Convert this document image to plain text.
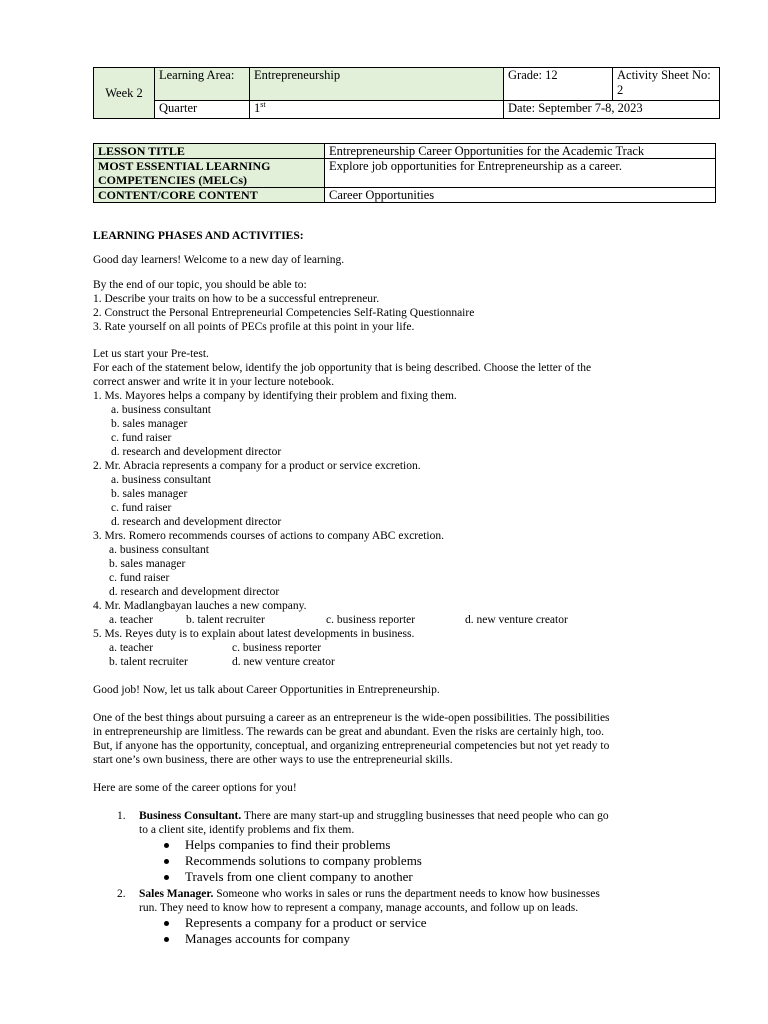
Week 2	Learning Area:	Entrepreneurship	Grade: 12	Activity Sheet No: 2
	Quarter	1st	Date: September 7-8, 2023	
LESSON TITLE	Entrepreneurship Career Opportunities for the Academic Track
MOST ESSENTIAL LEARNING COMPETENCIES (MELCs)	Explore job opportunities for Entrepreneurship as a career.
CONTENT/CORE CONTENT	Career Opportunities
LEARNING PHASES AND ACTIVITIES:
Good day learners! Welcome to a new day of learning.
By the end of our topic, you should be able to:
1. Describe your traits on how to be a successful entrepreneur.
2. Construct the Personal Entrepreneurial Competencies Self-Rating Questionnaire
3. Rate yourself on all points of PECs profile at this point in your life.
Let us start your Pre-test.
For each of the statement below, identify the job opportunity that is being described. Choose the letter of the
correct answer and write it in your lecture notebook.
1. Ms. Mayores helps a company by identifying their problem and fixing them.
a. business consultant
b. sales manager
c. fund raiser
d. research and development director
2. Mr. Abracia represents a company for a product or service excretion.
a. business consultant
b. sales manager
c. fund raiser
d. research and development director
3. Mrs. Romero recommends courses of actions to company ABC excretion.
a. business consultant
b. sales manager
c. fund raiser
d. research and development director
4. Mr. Madlangbayan lauches a new company.
a. teacher	b. talent recruiter	c. business reporter	d. new venture creator
5. Ms. Reyes duty is to explain about latest developments in business.
a. teacher	c. business reporter
b. talent recruiter	d. new venture creator
Good job! Now, let us talk about Career Opportunities in Entrepreneurship.
One of the best things about pursuing a career as an entrepreneur is the wide-open possibilities. The possibilities
in entrepreneurship are limitless. The rewards can be great and abundant. Even the risks are certainly high, too.
But, if anyone has the opportunity, conceptual, and organizing entrepreneurial competencies but not yet ready to
start one’s own business, there are other ways to use the entrepreneurial skills.
Here are some of the career options for you!
1. Business Consultant. There are many start-up and struggling businesses that need people who can go
to a client site, identify problems and fix them.
Helps companies to find their problems
Recommends solutions to company problems
Travels from one client company to another
2. Sales Manager. Someone who works in sales or runs the department needs to know how businesses
run. They need to know how to represent a company, manage accounts, and follow up on leads.
Represents a company for a product or service
Manages accounts for company
